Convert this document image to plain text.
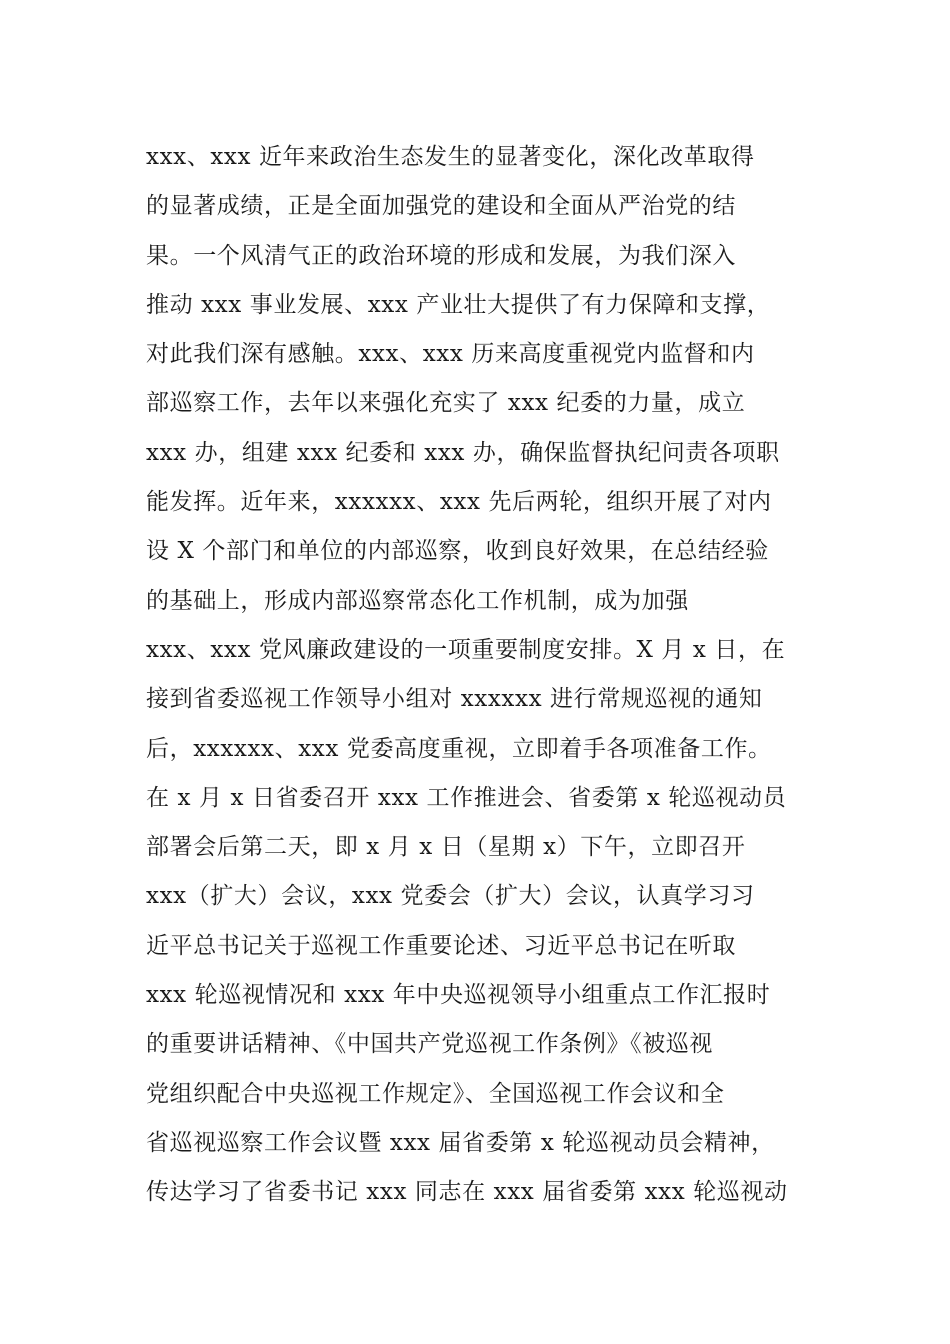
xxx、xxx 近年来政治生态发生的显著变化，深化改革取得
的显著成绩，正是全面加强党的建设和全面从严治党的结
果。一个风清气正的政治环境的形成和发展，为我们深入
推动 xxx 事业发展、xxx 产业壮大提供了有力保障和支撑，
对此我们深有感触。xxx、xxx 历来高度重视党内监督和内
部巡察工作，去年以来强化充实了 xxx 纪委的力量，成立
xxx 办，组建 xxx 纪委和 xxx 办，确保监督执纪问责各项职
能发挥。近年来，xxxxxx、xxx 先后两轮，组织开展了对内
设 X 个部门和单位的内部巡察，收到良好效果，在总结经验
的基础上，形成内部巡察常态化工作机制，成为加强
xxx、xxx 党风廉政建设的一项重要制度安排。X 月 x 日，在
接到省委巡视工作领导小组对 xxxxxx 进行常规巡视的通知
后，xxxxxx、xxx 党委高度重视，立即着手各项准备工作。
在 x 月 x 日省委召开 xxx 工作推进会、省委第 x 轮巡视动员
部署会后第二天，即 x 月 x 日（星期 x）下午，立即召开
xxx（扩大）会议，xxx 党委会（扩大）会议，认真学习习
近平总书记关于巡视工作重要论述、习近平总书记在听取
xxx 轮巡视情况和 xxx 年中央巡视领导小组重点工作汇报时
的重要讲话精神、《中国共产党巡视工作条例》《被巡视
党组织配合中央巡视工作规定》、全国巡视工作会议和全
省巡视巡察工作会议暨 xxx 届省委第 x 轮巡视动员会精神，
传达学习了省委书记 xxx 同志在 xxx 届省委第 xxx 轮巡视动
